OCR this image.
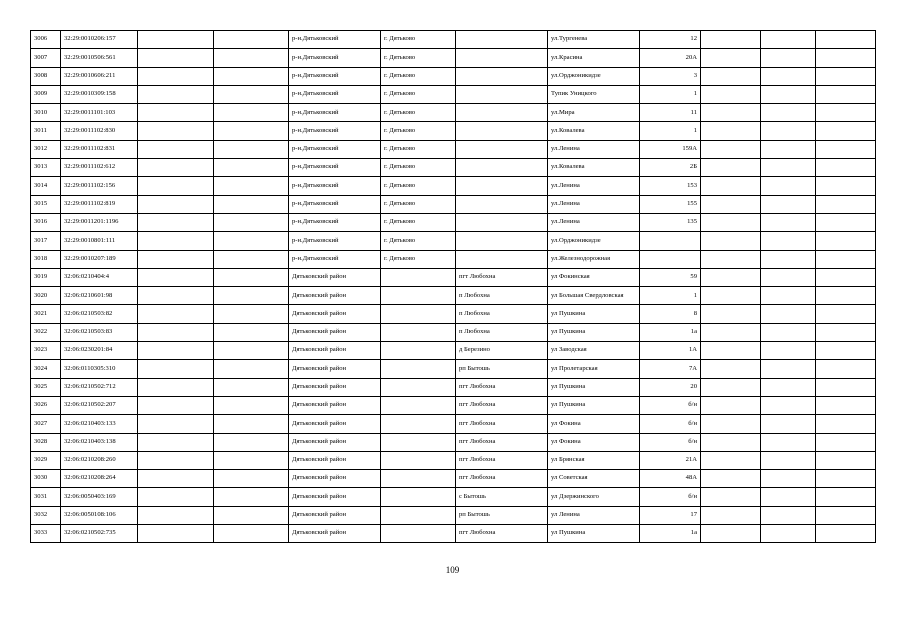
3006	32:29:0010206:157			р-н.Дятьковский	г. Дятьково		ул.Тургенева	12			
3007	32:29:0010506:561			р-н.Дятьковский	г. Дятьково		ул.Красина	20А			
3008	32:29:0010606:211			р-н.Дятьковский	г. Дятьково		ул.Орджоникидзе	3			
3009	32:29:0010309:158			р-н.Дятьковский	г. Дятьково		Тупик Уницкого	1			
3010	32:29:0011101:103			р-н.Дятьковский	г. Дятьково		ул.Мира	11			
3011	32:29:0011102:830			р-н.Дятьковский	г. Дятьково		ул.Ковалева	1			
3012	32:29:0011102:831			р-н.Дятьковский	г. Дятьково		ул.Ленина	159А			
3013	32:29:0011102:612			р-н.Дятьковский	г. Дятьково		ул.Ковалева	2Б			
3014	32:29:0011102:156			р-н.Дятьковский	г. Дятьково		ул.Ленина	153			
3015	32:29:0011102:819			р-н.Дятьковский	г. Дятьково		ул.Ленина	155			
3016	32:29:0011201:1196			р-н.Дятьковский	г. Дятьково		ул.Ленина	135			
3017	32:29:0010801:111			р-н.Дятьковский	г. Дятьково		ул.Орджоникидзе				
3018	32:29:0010207:189			р-н.Дятьковский	г. Дятьково		ул.Железнодорожная				
3019	32:06:0210404:4			Дятьковский район		пгт Любохна	ул Фокинская	59			
3020	32:06:0210601:98			Дятьковский район		п Любохна	ул Большая Свердловская	1			
3021	32:06:0210503:82			Дятьковский район		п Любохна	ул Пушкина	8			
3022	32:06:0210503:83			Дятьковский район		п Любохна	ул Пушкина	1а			
3023	32:06:0230201:84			Дятьковский район		д Березино	ул Заводская	1А			
3024	32:06:0110305:310			Дятьковский район		рп Бытошь	ул Пролетарская	7А			
3025	32:06:0210502:712			Дятьковский район		пгт Любохна	ул Пушкина	20			
3026	32:06:0210502:207			Дятьковский район		пгт Любохна	ул Пушкина	б/н			
3027	32:06:0210403:133			Дятьковский район		пгт Любохна	ул Фокина	б/н			
3028	32:06:0210403:138			Дятьковский район		пгт Любохна	ул Фокина	б/н			
3029	32:06:0210208:260			Дятьковский район		пгт Любохна	ул Брянская	21А			
3030	32:06:0210208:264			Дятьковский район		пгт Любохна	ул Советская	48А			
3031	32:06:0050403:169			Дятьковский район		с Бытошь	ул Дзержинского	б/н			
3032	32:06:0050108:106			Дятьковский район		рп Бытошь	ул Ленина	17			
3033	32:06:0210502:735			Дятьковский район		пгт Любохна	ул Пушкина	1а			
109
